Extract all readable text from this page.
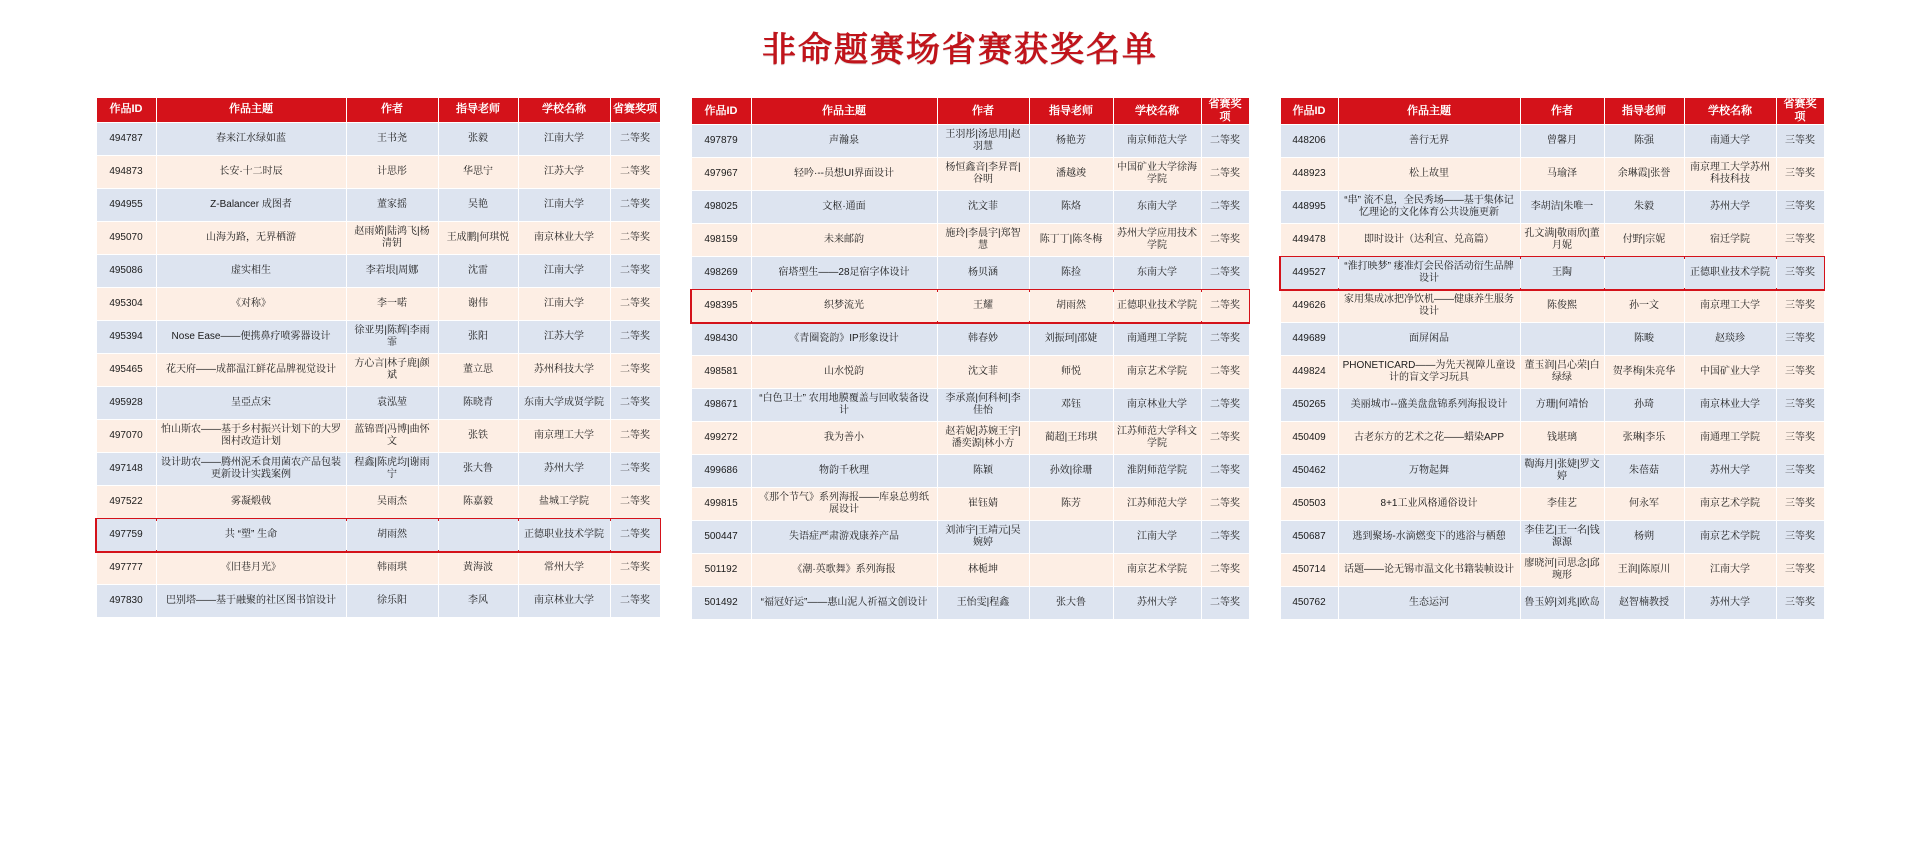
非命题赛场省赛获奖名单
作品ID	作品主题	作者	指导老师	学校名称	省赛奖项
494787	春来江水绿如蓝	王书尧	张毅	江南大学	二等奖
494873	长安·十二时辰	计思彤	华思宁	江苏大学	二等奖
494955	Z-Balancer 成图者	董家摇	吴艳	江南大学	二等奖
495070	山海为路，无界栖游	赵雨婼|陆鸿飞|杨清钥	王成鹏|何琪悦	南京林业大学	二等奖
495086	虚实相生	李若垠|周娜	沈雷	江南大学	二等奖
495304	《对称》	李一喏	谢伟	江南大学	二等奖
495394	Nose Ease——便携鼻疗喷雾器设计	徐亚男|陈辉|李雨霏	张阳	江苏大学	二等奖
495465	花天府——成都温江鲜花品牌视觉设计	方心言|林子鹿|颜斌	董立思	苏州科技大学	二等奖
495928	呈亞点宋	袁泓堃	陈晓青	东南大学成贤学院	二等奖
497070	怕山斯农——基于乡村振兴计划下的大罗图村改造计划	蓝锦晋|冯博|曲怀文	张铁	南京理工大学	二等奖
497148	设计助农——腾州泥禾食用菌农产品包装更新设计实践案例	程鑫|陈虎均|谢雨宁	张大鲁	苏州大学	二等奖
497522	雾凝煅戟	吴雨杰	陈嘉毅	盐城工学院	二等奖
497759	共 “塑” 生命	胡雨然		正德职业技术学院	二等奖
497777	《旧巷月光》	韩雨琪	黄海波	常州大学	二等奖
497830	巴别塔——基于融聚的社区图书馆设计	徐乐阳	李风	南京林业大学	二等奖
作品ID	作品主题	作者	指导老师	学校名称	省赛奖项
497879	声瀚泉	王羽彤|汤思用|赵羽慧	杨艳芳	南京师范大学	二等奖
497967	轻吟·--员想UI界面设计	杨恒鑫音|李昇晋|谷明	潘越竣	中国矿业大学徐海学院	二等奖
498025	文枢·通面	沈文菲	陈烙	东南大学	二等奖
498159	未来邮韵	施玲|李晨宇|郑智慧	陈丁丁|陈冬梅	苏州大学应用技术学院	二等奖
498269	宿塔型生——28足宿字体设计	杨贝涵	陈捡	东南大学	二等奖
498395	织梦流光	王耀	胡雨然	正德职业技术学院	二等奖
498430	《青圈瓷韵》IP形象设计	韩春妙	刘振珂|邵婕	南通理工学院	二等奖
498581	山水悦韵	沈文菲	师悦	南京艺术学院	二等奖
498671	“白色卫士” 农用地膜覆盖与回收装备设计	李承熹|何科柯|李佳怡	邓钰	南京林业大学	二等奖
499272	我为善小	赵若妮|苏婉王宇|潘奕源|林小方	蔺超|王玮琪	江苏师范大学科文学院	二等奖
499686	物韵千秋理	陈颖	孙效|徐珊	淮阴师范学院	二等奖
499815	《那个节气》系列海报——库泉总剪纸展设计	崔钰婧	陈芳	江苏师范大学	二等奖
500447	失语症严肃游戏康养产品	刘沛宇|王靖元|吴婉婷		江南大学	二等奖
501192	《潮·英歌舞》系列海报	林栀坤		南京艺术学院	二等奖
501492	“福冠好运”——惠山泥人祈福文创设计	王怡雯|程鑫	张大鲁	苏州大学	二等奖
作品ID	作品主题	作者	指导老师	学校名称	省赛奖项
448206	善行无界	曾馨月	陈强	南通大学	三等奖
448923	松上故里	马瑜泽	余琳霞|张誉	南京理工大学苏州科技科技	三等奖
448995	“串” 流不息，全民秀场——基于集体记忆理论的文化体育公共设施更新	李胡洁|朱唯一	朱毅	苏州大学	三等奖
449478	即时设计（达利宣、兑高篇）	孔文满|敬雨欣|董月妮	付野|宗妮	宿迁学院	三等奖
449527	“淮打映梦” 瘘准灯会民俗活动衍生品牌设计	王陶		正德职业技术学院	三等奖
449626	家用集成冰把净饮机——健康养生服务设计	陈俊熙	孙一文	南京理工大学	三等奖
449689	面屏闲品		陈畯	赵琰珍	三等奖
449824	PHONETICARD——为先天视障儿童设计的盲文学习玩具	董玉润|吕心荣|白绿绿	贺孝梅|朱亮华	中国矿业大学	三等奖
450265	美丽城市--盛美盘盘锦系列海报设计	方珊|何靖怡	孙琦	南京林业大学	三等奖
450409	古老东方的艺术之花——蜡染APP	钱堪璃	张琳|李乐	南通理工学院	三等奖
450462	万物起舞	鞫海月|张婕|罗文婷	朱蓓菇	苏州大学	三等奖
450503	8+1工业风格通俗设计	李佳艺	何永军	南京艺术学院	三等奖
450687	逃到聚场-水滴燃变下的逃浴与栖憩	李佳艺|王一名|钱源源	杨朔	南京艺术学院	三等奖
450714	话题——论无锡市温文化书籍装帧设计	廖晓河|司思念|邱琬形	王润|陈原川	江南大学	三等奖
450762	生态运河	鲁玉婷|刘兆|欧岛	赵智楠教授	苏州大学	三等奖
